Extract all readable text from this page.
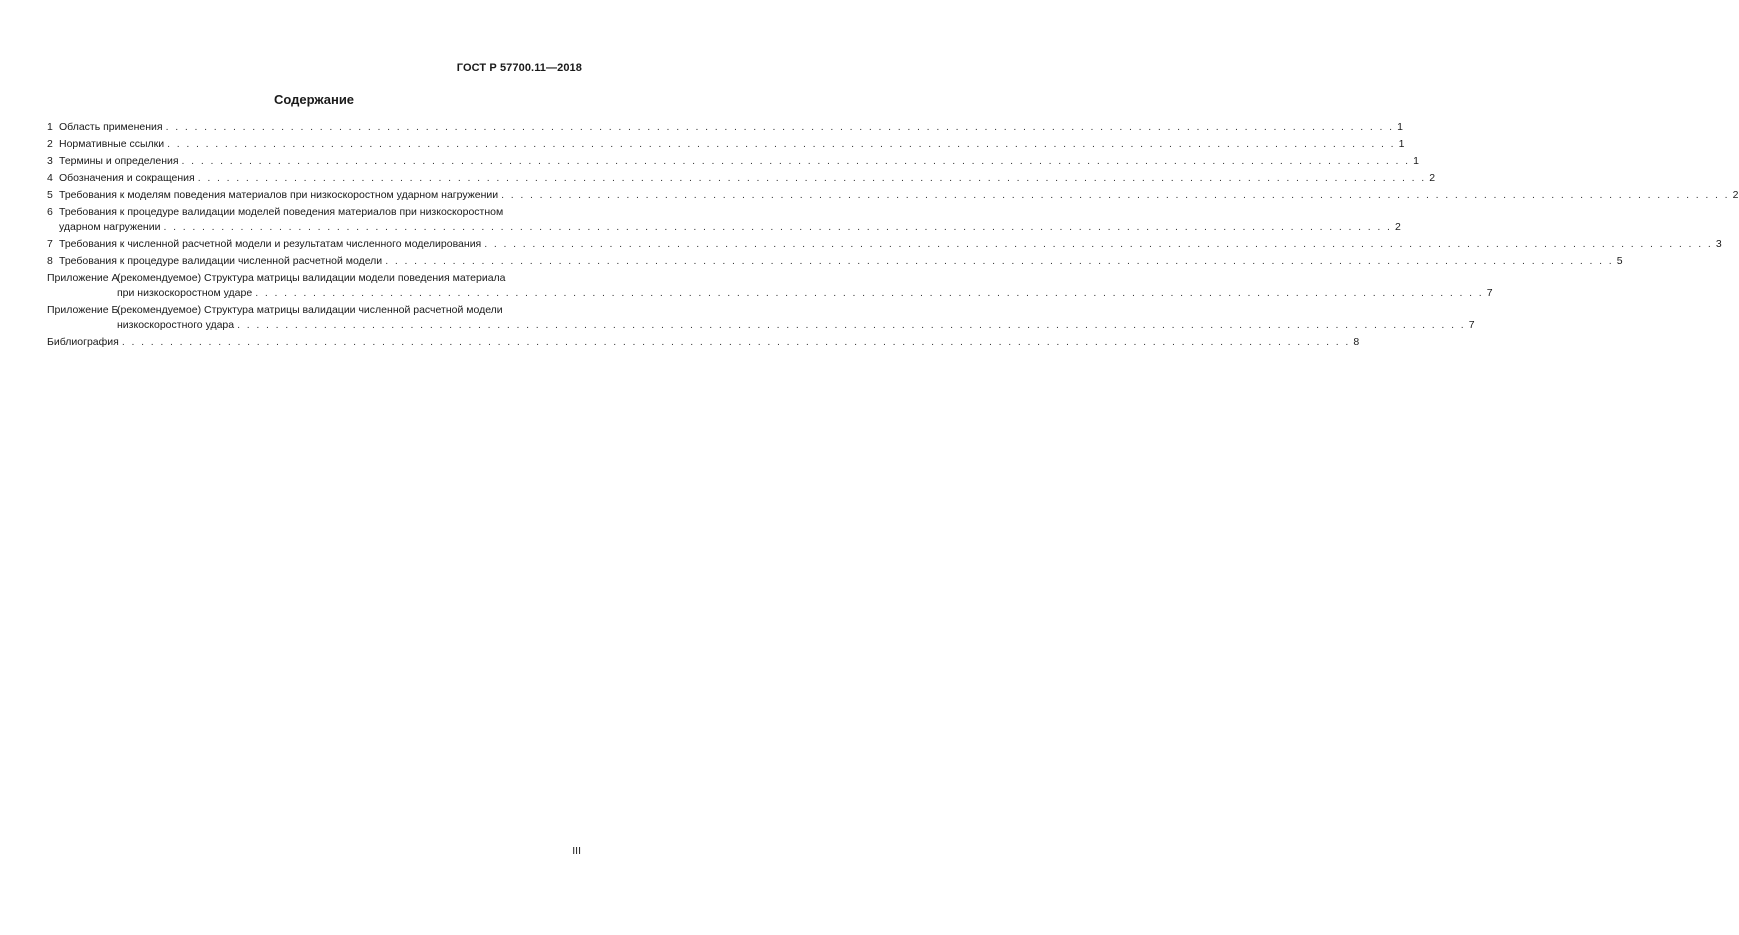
ГОСТ Р 57700.11—2018
Содержание
1 Область применения . . .	1
2 Нормативные ссылки . . .	1
3 Термины и определения . . .	1
4 Обозначения и сокращения . . .	2
5 Требования к моделям поведения материалов при низкоскоростном ударном нагружении . . .	2
6 Требования к процедуре валидации моделей поведения материалов при низкоскоростном
ударном нагружении . . .	2
7 Требования к численной расчетной модели и результатам численного моделирования . . .	3
8 Требования к процедуре валидации численной расчетной модели . . .	5
Приложение А
(рекомендуемое) Структура матрицы валидации модели поведения материала
при низкоскоростном ударе . . .	7
Приложение Б
(рекомендуемое) Структура матрицы валидации численной расчетной модели
низкоскоростного удара . . .	7
Библиография . . .	8
III
